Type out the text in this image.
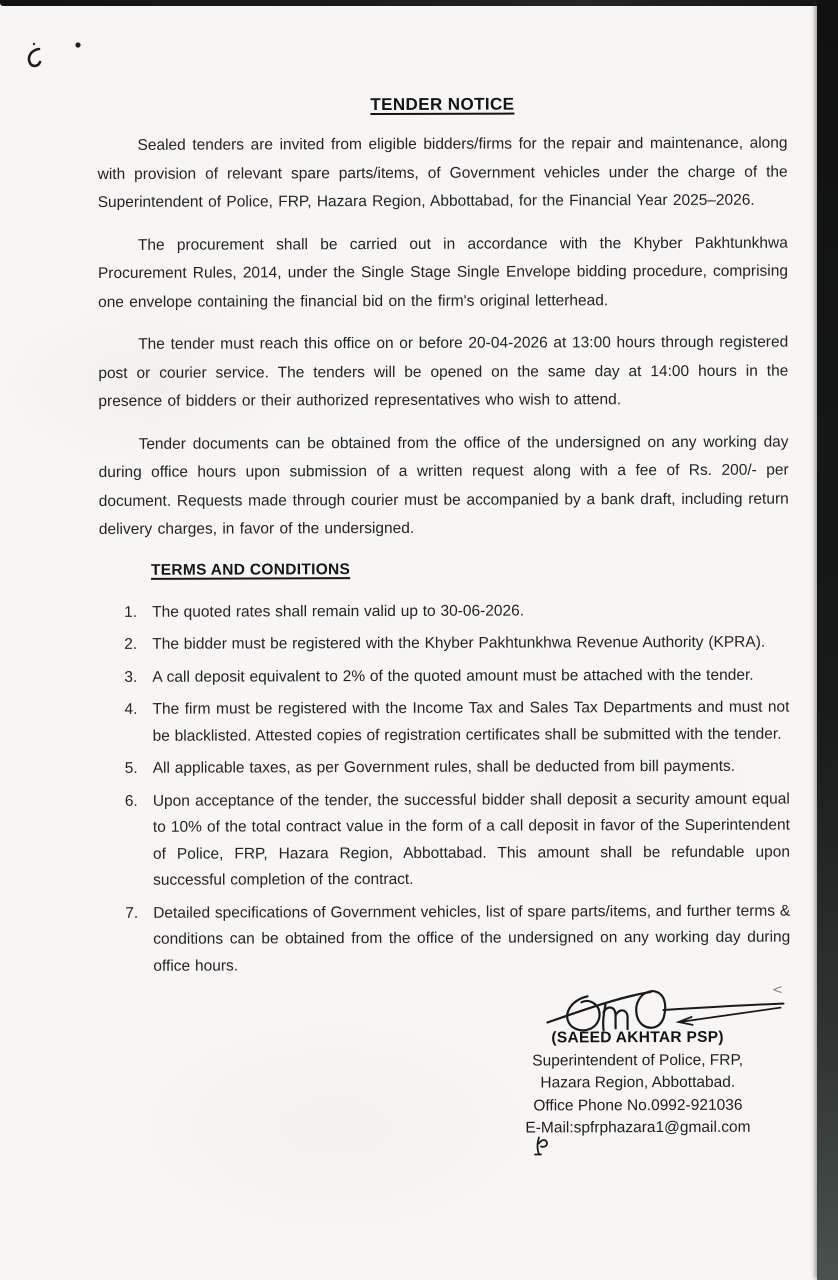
TENDER NOTICE

Sealed tenders are invited from eligible bidders/firms for the repair and maintenance, along with provision of relevant spare parts/items, of Government vehicles under the charge of the Superintendent of Police, FRP, Hazara Region, Abbottabad, for the Financial Year 2025–2026.

The procurement shall be carried out in accordance with the Khyber Pakhtunkhwa Procurement Rules, 2014, under the Single Stage Single Envelope bidding procedure, comprising one envelope containing the financial bid on the firm's original letterhead.

The tender must reach this office on or before 20-04-2026 at 13:00 hours through registered post or courier service. The tenders will be opened on the same day at 14:00 hours in the presence of bidders or their authorized representatives who wish to attend.

Tender documents can be obtained from the office of the undersigned on any working day during office hours upon submission of a written request along with a fee of Rs. 200/- per document. Requests made through courier must be accompanied by a bank draft, including return delivery charges, in favor of the undersigned.

TERMS AND CONDITIONS
1. The quoted rates shall remain valid up to 30-06-2026.
2. The bidder must be registered with the Khyber Pakhtunkhwa Revenue Authority (KPRA).
3. A call deposit equivalent to 2% of the quoted amount must be attached with the tender.
4. The firm must be registered with the Income Tax and Sales Tax Departments and must not be blacklisted. Attested copies of registration certificates shall be submitted with the tender.
5. All applicable taxes, as per Government rules, shall be deducted from bill payments.
6. Upon acceptance of the tender, the successful bidder shall deposit a security amount equal to 10% of the total contract value in the form of a call deposit in favor of the Superintendent of Police, FRP, Hazara Region, Abbottabad. This amount shall be refundable upon successful completion of the contract.
7. Detailed specifications of Government vehicles, list of spare parts/items, and further terms & conditions can be obtained from the office of the undersigned on any working day during office hours.
(SAEED AKHTAR PSP)
Superintendent of Police, FRP,
Hazara Region, Abbottabad.
Office Phone No.0992-921036
E-Mail:spfrphazara1@gmail.com
